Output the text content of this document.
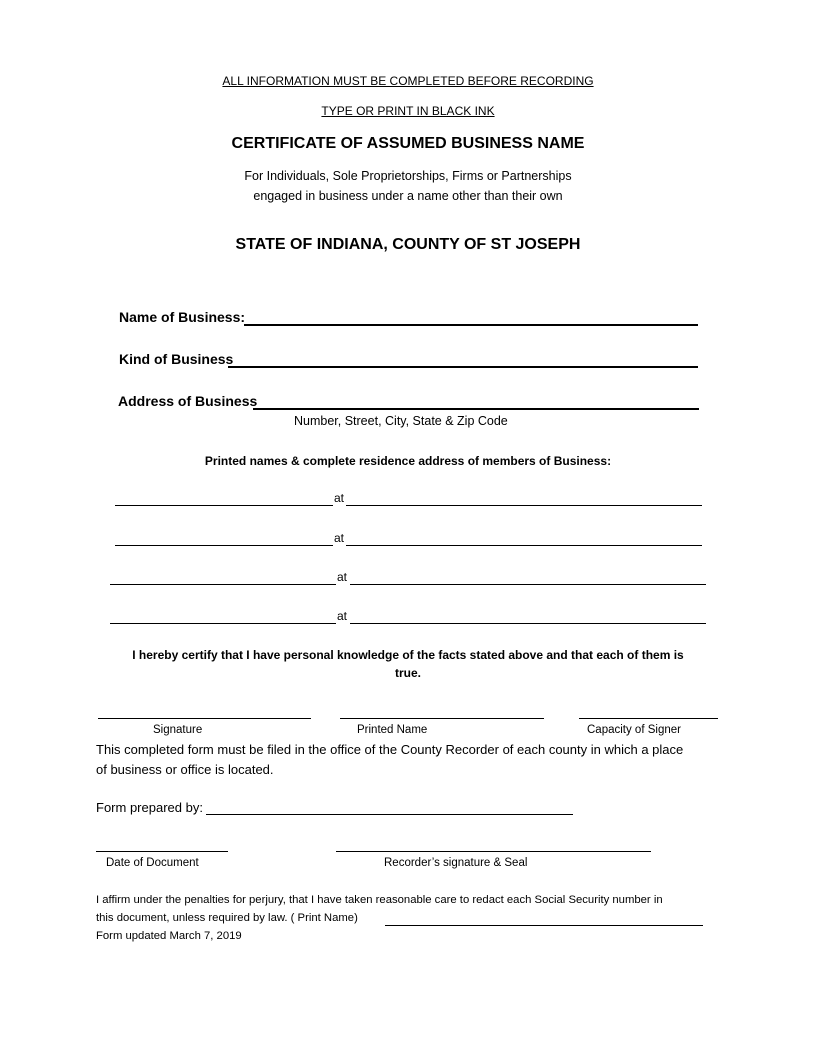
ALL INFORMATION MUST BE COMPLETED BEFORE RECORDING
TYPE OR PRINT IN BLACK INK
CERTIFICATE OF ASSUMED BUSINESS NAME
For Individuals, Sole Proprietorships, Firms or Partnerships
engaged in business under a name other than their own
STATE OF INDIANA, COUNTY OF ST JOSEPH
Name of Business:
Kind of Business
Address of Business
Number, Street, City, State & Zip Code
Printed names & complete residence address of members of Business:
at
at
at
at
I hereby certify that I have personal knowledge of the facts stated above and that each of them is
true.
Signature	Printed Name	Capacity of Signer
This completed form must be filed in the office of the County Recorder of each county in which a place
of business or office is located.
Form prepared by:
Date of Document	Recorder’s signature & Seal
I affirm under the penalties for perjury, that I have taken reasonable care to redact each Social Security number in
this document, unless required by law. ( Print Name)
Form updated March 7, 2019
